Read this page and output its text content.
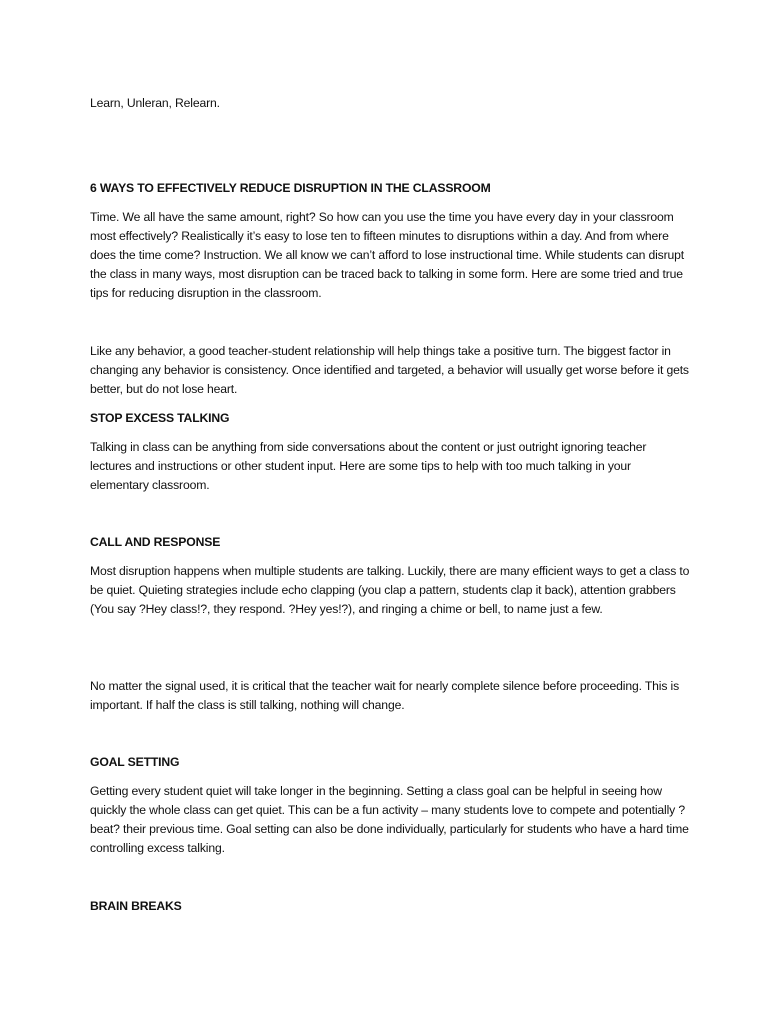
Learn, Unleran, Relearn.

6 WAYS TO EFFECTIVELY REDUCE DISRUPTION IN THE CLASSROOM

Time. We all have the same amount, right? So how can you use the time you have every day in your classroom most effectively? Realistically it’s easy to lose ten to fifteen minutes to disruptions within a day. And from where does the time come? Instruction. We all know we can’t afford to lose instructional time. While students can disrupt the class in many ways, most disruption can be traced back to talking in some form. Here are some tried and true tips for reducing disruption in the classroom.

Like any behavior, a good teacher-student relationship will help things take a positive turn. The biggest factor in changing any behavior is consistency. Once identified and targeted, a behavior will usually get worse before it gets better, but do not lose heart.

STOP EXCESS TALKING

Talking in class can be anything from side conversations about the content or just outright ignoring teacher lectures and instructions or other student input. Here are some tips to help with too much talking in your elementary classroom.

CALL AND RESPONSE

Most disruption happens when multiple students are talking. Luckily, there are many efficient ways to get a class to be quiet. Quieting strategies include echo clapping (you clap a pattern, students clap it back), attention grabbers (You say ?Hey class!?, they respond. ?Hey yes!?), and ringing a chime or bell, to name just a few.

No matter the signal used, it is critical that the teacher wait for nearly complete silence before proceeding. This is important. If half the class is still talking, nothing will change.

GOAL SETTING

Getting every student quiet will take longer in the beginning. Setting a class goal can be helpful in seeing how quickly the whole class can get quiet. This can be a fun activity – many students love to compete and potentially ?beat? their previous time. Goal setting can also be done individually, particularly for students who have a hard time controlling excess talking.

BRAIN BREAKS
